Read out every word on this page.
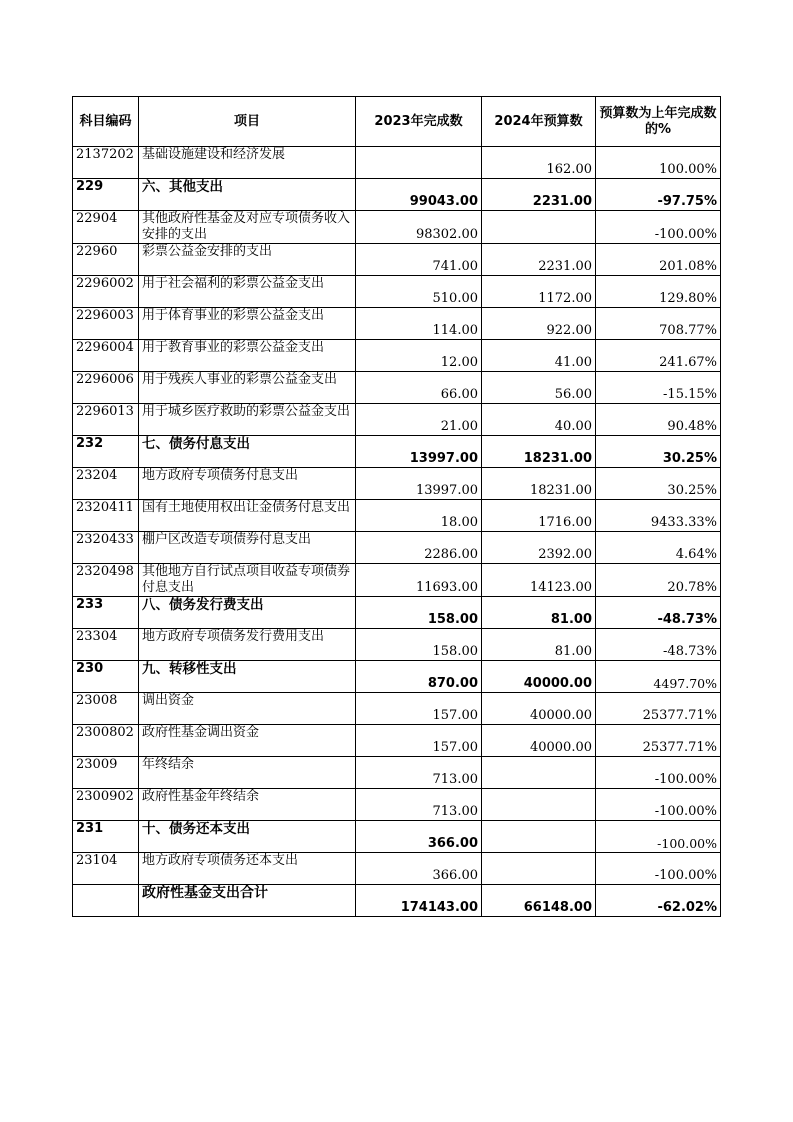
科目编码	项目	2023年完成数	2024年预算数	预算数为上年完成数的%
2137202	基础设施建设和经济发展		162.00	100.00%
229	六、其他支出	99043.00	2231.00	-97.75%
22904	其他政府性基金及对应专项债务收入安排的支出	98302.00		-100.00%
22960	彩票公益金安排的支出	741.00	2231.00	201.08%
2296002	用于社会福利的彩票公益金支出	510.00	1172.00	129.80%
2296003	用于体育事业的彩票公益金支出	114.00	922.00	708.77%
2296004	用于教育事业的彩票公益金支出	12.00	41.00	241.67%
2296006	用于残疾人事业的彩票公益金支出	66.00	56.00	-15.15%
2296013	用于城乡医疗救助的彩票公益金支出	21.00	40.00	90.48%
232	七、债务付息支出	13997.00	18231.00	30.25%
23204	地方政府专项债务付息支出	13997.00	18231.00	30.25%
2320411	国有土地使用权出让金债务付息支出	18.00	1716.00	9433.33%
2320433	棚户区改造专项债券付息支出	2286.00	2392.00	4.64%
2320498	其他地方自行试点项目收益专项债券付息支出	11693.00	14123.00	20.78%
233	八、债务发行费支出	158.00	81.00	-48.73%
23304	地方政府专项债务发行费用支出	158.00	81.00	-48.73%
230	九、转移性支出	870.00	40000.00	4497.70%
23008	调出资金	157.00	40000.00	25377.71%
2300802	政府性基金调出资金	157.00	40000.00	25377.71%
23009	年终结余	713.00		-100.00%
2300902	政府性基金年终结余	713.00		-100.00%
231	十、债务还本支出	366.00		-100.00%
23104	地方政府专项债务还本支出	366.00		-100.00%
	政府性基金支出合计	174143.00	66148.00	-62.02%
